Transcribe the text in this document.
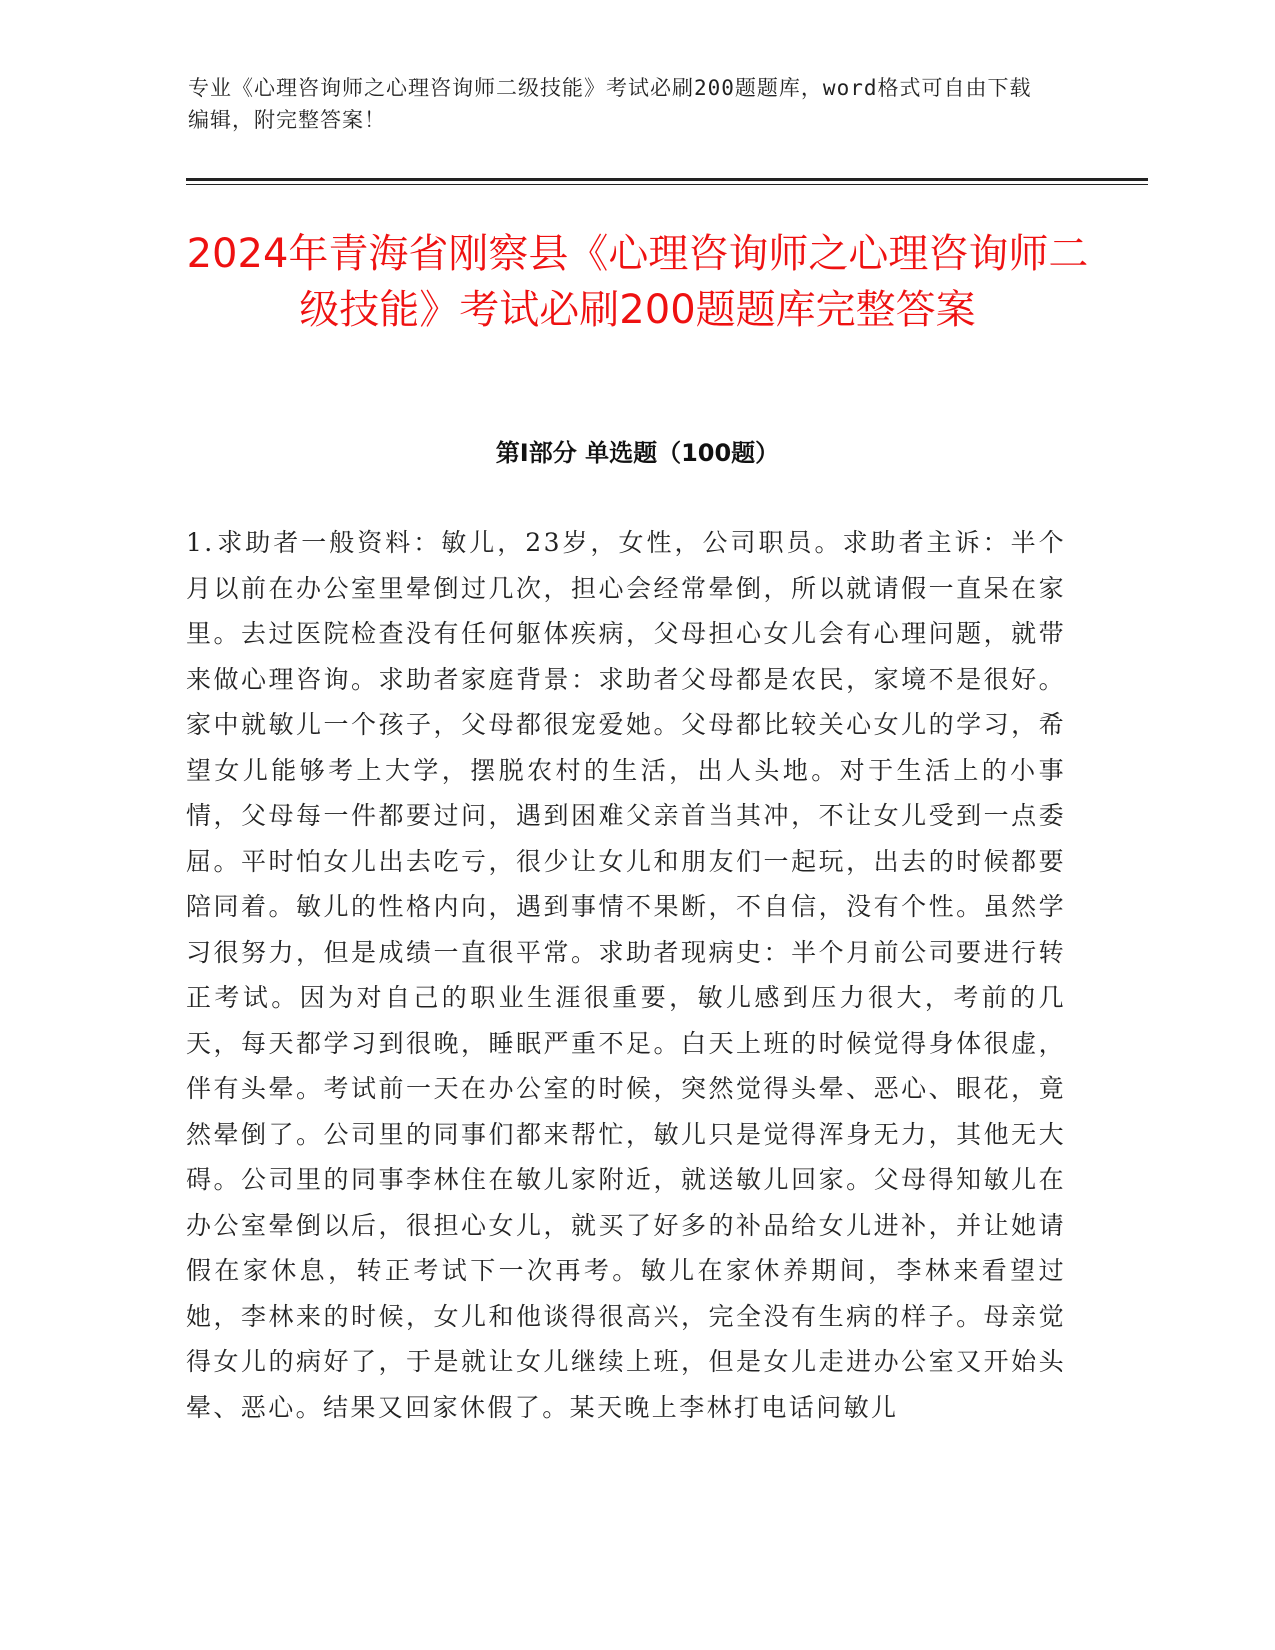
专业《心理咨询师之心理咨询师二级技能》考试必刷200题题库，word格式可自由下载编辑，附完整答案！
2024年青海省刚察县《心理咨询师之心理咨询师二级技能》考试必刷200题题库完整答案
第I部分 单选题（100题）
1.求助者一般资料：敏儿，23岁，女性，公司职员。求助者主诉：半个月以前在办公室里晕倒过几次，担心会经常晕倒，所以就请假一直呆在家里。去过医院检查没有任何躯体疾病，父母担心女儿会有心理问题，就带来做心理咨询。求助者家庭背景：求助者父母都是农民，家境不是很好。家中就敏儿一个孩子，父母都很宠爱她。父母都比较关心女儿的学习，希望女儿能够考上大学，摆脱农村的生活，出人头地。对于生活上的小事情，父母每一件都要过问，遇到困难父亲首当其冲，不让女儿受到一点委屈。平时怕女儿出去吃亏，很少让女儿和朋友们一起玩，出去的时候都要陪同着。敏儿的性格内向，遇到事情不果断，不自信，没有个性。虽然学习很努力，但是成绩一直很平常。求助者现病史：半个月前公司要进行转正考试。因为对自己的职业生涯很重要，敏儿感到压力很大，考前的几天，每天都学习到很晚，睡眠严重不足。白天上班的时候觉得身体很虚，伴有头晕。考试前一天在办公室的时候，突然觉得头晕、恶心、眼花，竟然晕倒了。公司里的同事们都来帮忙，敏儿只是觉得浑身无力，其他无大碍。公司里的同事李林住在敏儿家附近，就送敏儿回家。父母得知敏儿在办公室晕倒以后，很担心女儿，就买了好多的补品给女儿进补，并让她请假在家休息，转正考试下一次再考。敏儿在家休养期间，李林来看望过她，李林来的时候，女儿和他谈得很高兴，完全没有生病的样子。母亲觉得女儿的病好了，于是就让女儿继续上班，但是女儿走进办公室又开始头晕、恶心。结果又回家休假了。某天晚上李林打电话问敏儿
